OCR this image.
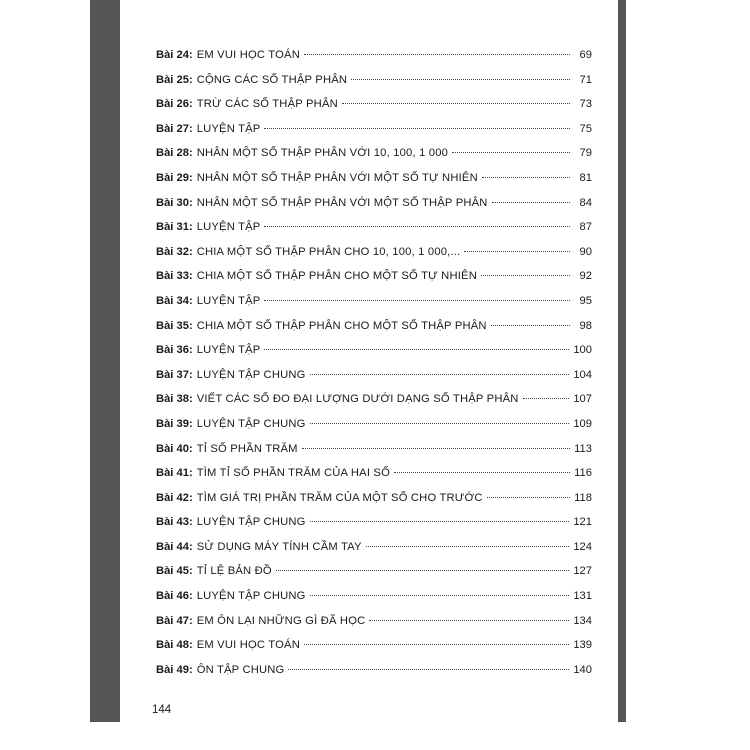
Bài 24: EM VUI HỌC TOÁN	69
Bài 25: CỘNG CÁC SỐ THẬP PHÂN	71
Bài 26: TRỪ CÁC SỐ THẬP PHÂN	73
Bài 27: LUYỆN TẬP	75
Bài 28: NHÂN MỘT SỐ THẬP PHÂN VỚI 10, 100, 1 000	79
Bài 29: NHÂN MỘT SỐ THẬP PHÂN VỚI MỘT SỐ TỰ NHIÊN	81
Bài 30: NHÂN MỘT SỐ THẬP PHÂN VỚI MỘT SỐ THẬP PHÂN	84
Bài 31: LUYỆN TẬP	87
Bài 32: CHIA MỘT SỐ THẬP PHÂN CHO 10, 100, 1 000,...	90
Bài 33: CHIA MỘT SỐ THẬP PHÂN CHO MỘT SỐ TỰ NHIÊN	92
Bài 34: LUYỆN TẬP	95
Bài 35: CHIA MỘT SỐ THẬP PHÂN CHO MỘT SỐ THẬP PHÂN	98
Bài 36: LUYỆN TẬP	100
Bài 37: LUYỆN TẬP CHUNG	104
Bài 38: VIẾT CÁC SỐ ĐO ĐẠI LƯỢNG DƯỚI DẠNG SỐ THẬP PHÂN	107
Bài 39: LUYỆN TẬP CHUNG	109
Bài 40: TỈ SỐ PHẦN TRĂM	113
Bài 41: TÌM TỈ SỐ PHẦN TRĂM CỦA HAI SỐ	116
Bài 42: TÌM GIÁ TRỊ PHẦN TRĂM CỦA MỘT SỐ CHO TRƯỚC	118
Bài 43: LUYỆN TẬP CHUNG	121
Bài 44: SỬ DỤNG MÁY TÍNH CẦM TAY	124
Bài 45: TỈ LỆ BẢN ĐỒ	127
Bài 46: LUYỆN TẬP CHUNG	131
Bài 47: EM ÔN LẠI NHỮNG GÌ ĐÃ HỌC	134
Bài 48: EM VUI HỌC TOÁN	139
Bài 49: ÔN TẬP CHUNG	140
144
